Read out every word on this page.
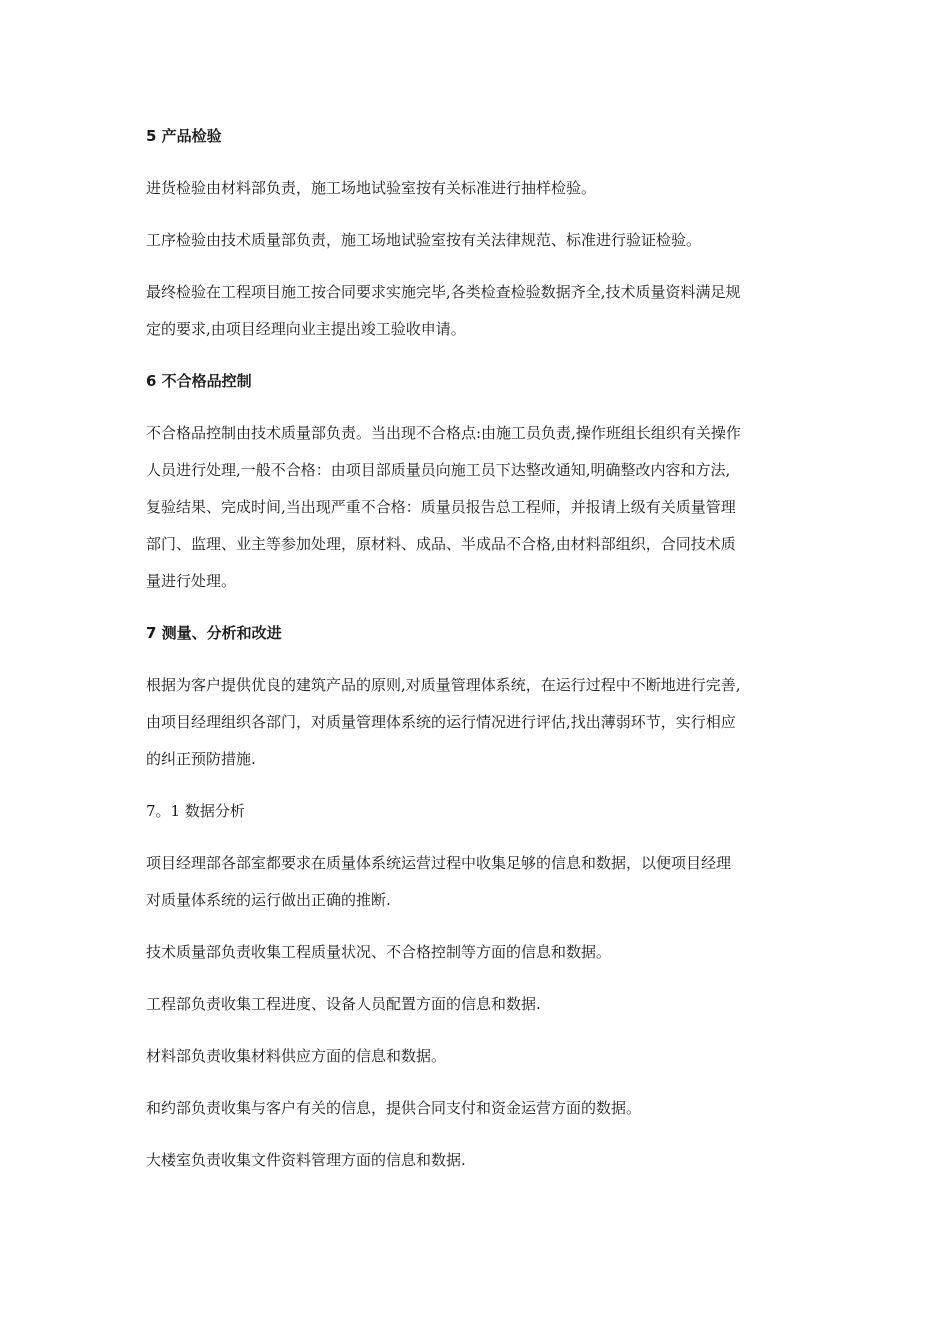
5 产品检验
进货检验由材料部负责，施工场地试验室按有关标准进行抽样检验。
工序检验由技术质量部负责，施工场地试验室按有关法律规范、标准进行验证检验。
最终检验在工程项目施工按合同要求实施完毕,各类检查检验数据齐全,技术质量资料满足规
定的要求,由项目经理向业主提出竣工验收申请。
6 不合格品控制
不合格品控制由技术质量部负责。当出现不合格点:由施工员负责,操作班组长组织有关操作
人员进行处理,一般不合格：由项目部质量员向施工员下达整改通知,明确整改内容和方法,
复验结果、完成时间,当出现严重不合格：质量员报告总工程师，并报请上级有关质量管理
部门、监理、业主等参加处理，原材料、成品、半成品不合格,由材料部组织，合同技术质
量进行处理。
7 测量、分析和改进
根据为客户提供优良的建筑产品的原则,对质量管理体系统，在运行过程中不断地进行完善,
由项目经理组织各部门，对质量管理体系统的运行情况进行评估,找出薄弱环节，实行相应
的纠正预防措施.
7。1 数据分析
项目经理部各部室都要求在质量体系统运营过程中收集足够的信息和数据，以便项目经理
对质量体系统的运行做出正确的推断.
技术质量部负责收集工程质量状况、不合格控制等方面的信息和数据。
工程部负责收集工程进度、设备人员配置方面的信息和数据.
材料部负责收集材料供应方面的信息和数据。
和约部负责收集与客户有关的信息，提供合同支付和资金运营方面的数据。
大楼室负责收集文件资料管理方面的信息和数据.
